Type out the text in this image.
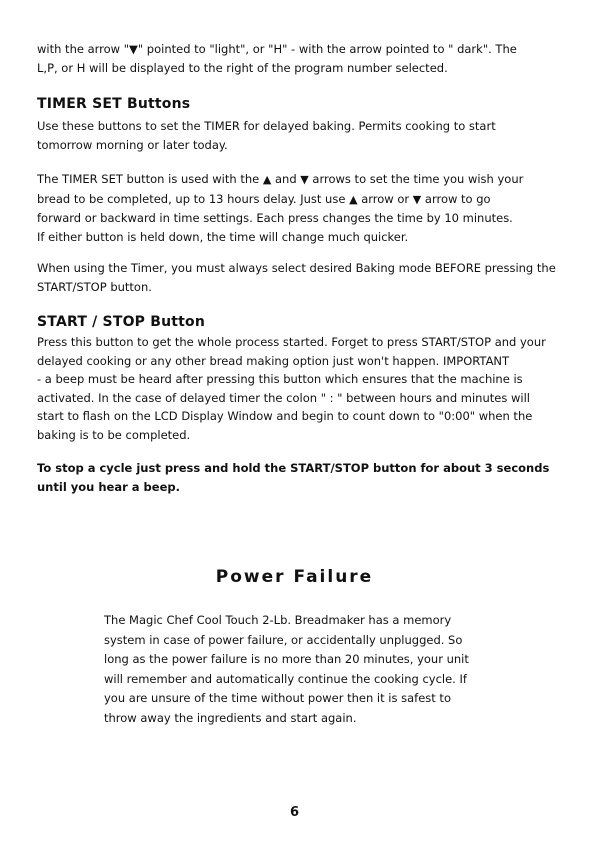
with the arrow "▼" pointed to "light", or "H" - with the arrow pointed to " dark". The
L,P, or H will be displayed to the right of the program number selected.
TIMER SET Buttons
Use these buttons to set the TIMER for delayed baking. Permits cooking to start
tomorrow morning or later today.
The TIMER SET button is used with the ▲ and ▼ arrows to set the time you wish your
bread to be completed, up to 13 hours delay. Just use ▲ arrow or ▼ arrow to go
forward or backward in time settings. Each press changes the time by 10 minutes.
If either button is held down, the time will change much quicker.
When using the Timer, you must always select desired Baking mode BEFORE pressing the
START/STOP button.
START / STOP Button
Press this button to get the whole process started. Forget to press START/STOP and your
delayed cooking or any other bread making option just won't happen. IMPORTANT
- a beep must be heard after pressing this button which ensures that the machine is
activated. In the case of delayed timer the colon " : " between hours and minutes will
start to flash on the LCD Display Window and begin to count down to "0:00" when the
baking is to be completed.
To stop a cycle just press and hold the START/STOP button for about 3 seconds
until you hear a beep.
Power Failure
The Magic Chef Cool Touch 2-Lb. Breadmaker has a memory
system in case of power failure, or accidentally unplugged. So
long as the power failure is no more than 20 minutes, your unit
will remember and automatically continue the cooking cycle. If
you are unsure of the time without power then it is safest to
throw away the ingredients and start again.
6
